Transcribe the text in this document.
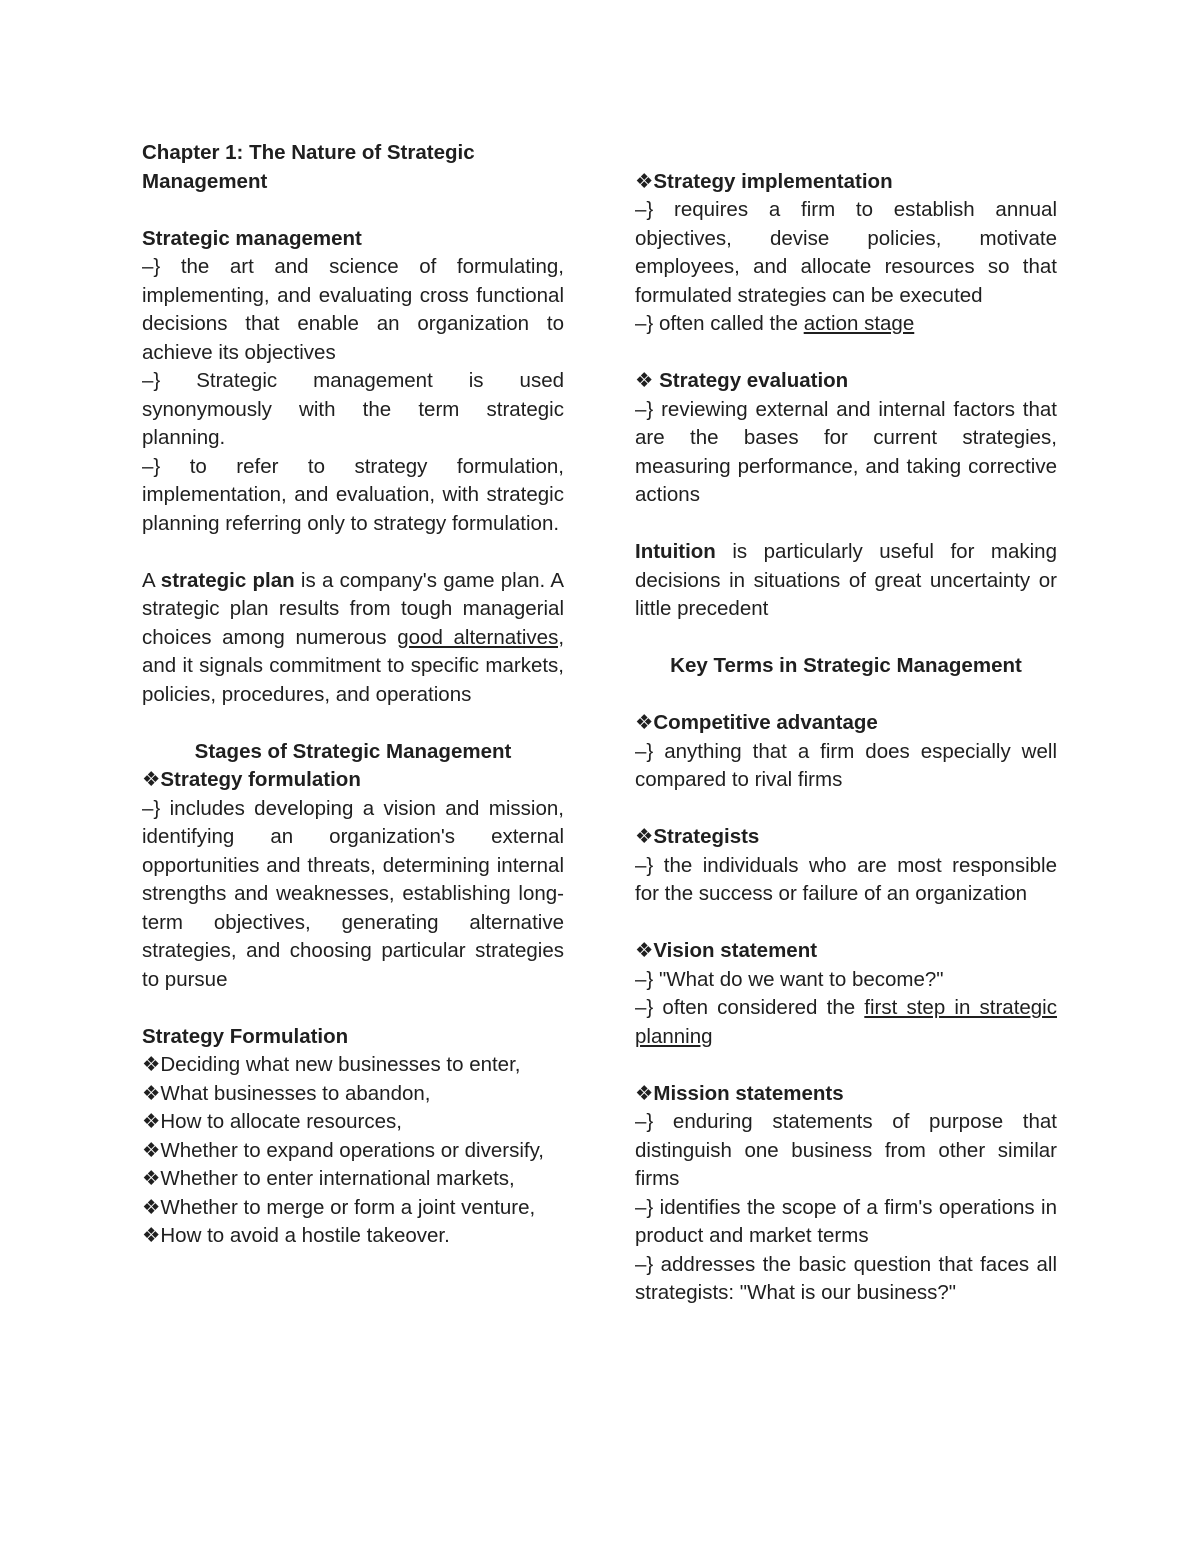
Chapter 1: The Nature of Strategic

Management

Strategic management

–} the art and science of formulating, implementing, and evaluating cross functional decisions that enable an organization to achieve its objectives

–} Strategic management is used synonymously with the term strategic planning.

–} to refer to strategy formulation, implementation, and evaluation, with strategic planning referring only to strategy formulation.

A strategic plan is a company's game plan. A strategic plan results from tough managerial choices among numerous good alternatives, and it signals commitment to specific markets, policies, procedures, and operations

Stages of Strategic Management

❖Strategy formulation

–} includes developing a vision and mission, identifying an organization's external opportunities and threats, determining internal strengths and weaknesses, establishing long-term objectives, generating alternative strategies, and choosing particular strategies to pursue

Strategy Formulation

❖Deciding what new businesses to enter,

❖What businesses to abandon,

❖How to allocate resources,

❖Whether to expand operations or diversify,

❖Whether to enter international markets,

❖Whether to merge or form a joint venture,

❖How to avoid a hostile takeover.

❖Strategy implementation

–} requires a firm to establish annual objectives, devise policies, motivate employees, and allocate resources so that formulated strategies can be executed

–} often called the action stage

❖ Strategy evaluation

–} reviewing external and internal factors that are the bases for current strategies, measuring performance, and taking corrective actions

Intuition is particularly useful for making decisions in situations of great uncertainty or little precedent

Key Terms in Strategic Management

❖Competitive advantage

–} anything that a firm does especially well compared to rival firms

❖Strategists

–} the individuals who are most responsible for the success or failure of an organization

❖Vision statement

–} "What do we want to become?"

–} often considered the first step in strategic planning

❖Mission statements

–} enduring statements of purpose that distinguish one business from other similar firms

–} identifies the scope of a firm's operations in product and market terms

–} addresses the basic question that faces all strategists: "What is our business?"
